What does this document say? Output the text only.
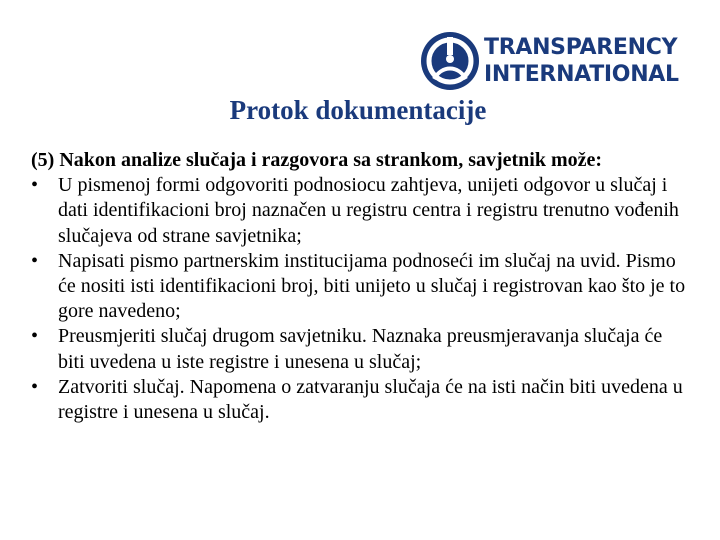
TRANSPARENCY
INTERNATIONAL
Protok dokumentacije

(5) Nakon analize slučaja i razgovora sa strankom, savjetnik može:

• U pismenoj formi odgovoriti podnosiocu zahtjeva, unijeti odgovor u slučaj i dati identifikacioni broj naznačen u registru centra i registru trenutno vođenih slučajeva od strane savjetnika;
• Napisati pismo partnerskim institucijama podnoseći im slučaj na uvid. Pismo će nositi isti identifikacioni broj, biti unijeto u slučaj i registrovan kao što je to gore navedeno;
• Preusmjeriti slučaj drugom savjetniku. Naznaka preusmjeravanja slučaja će biti uvedena u iste registre i unesena u slučaj;
• Zatvoriti slučaj. Napomena o zatvaranju slučaja će na isti način biti uvedena u registre i unesena u slučaj.
